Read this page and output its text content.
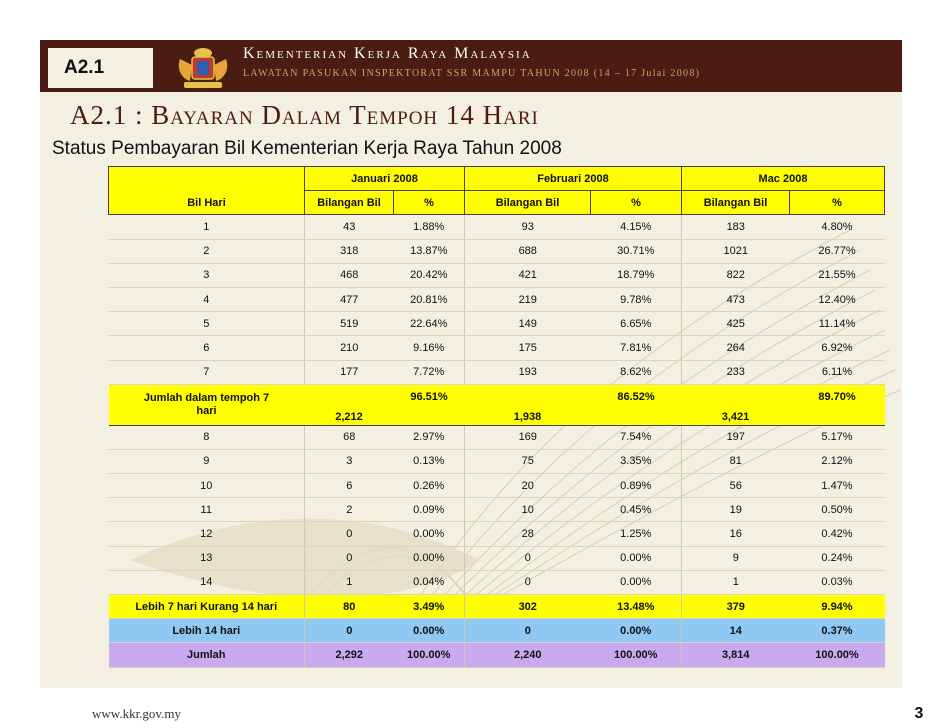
A2.1
Kementerian Kerja Raya Malaysia
LAWATAN PASUKAN INSPEKTORAT SSR MAMPU TAHUN 2008 (14 – 17 Julai 2008)
A2.1 : Bayaran Dalam Tempoh 14 Hari
Status Pembayaran Bil Kementerian Kerja Raya Tahun 2008
	Januari 2008		Februari 2008		Mac 2008	
Bil Hari	Bilangan Bil	%	Bilangan Bil	%	Bilangan Bil	%
1	43	1.88%	93	4.15%	183	4.80%
2	318	13.87%	688	30.71%	1021	26.77%
3	468	20.42%	421	18.79%	822	21.55%
4	477	20.81%	219	9.78%	473	12.40%
5	519	22.64%	149	6.65%	425	11.14%
6	210	9.16%	175	7.81%	264	6.92%
7	177	7.72%	193	8.62%	233	6.11%

Jumlah dalam tempoh 7
hari	2,212	96.51%	1,938	86.52%	3,421	89.70%
8	68	2.97%	169	7.54%	197	5.17%
9	3	0.13%	75	3.35%	81	2.12%
10	6	0.26%	20	0.89%	56	1.47%
11	2	0.09%	10	0.45%	19	0.50%
12	0	0.00%	28	1.25%	16	0.42%
13	0	0.00%	0	0.00%	9	0.24%
14	1	0.04%	0	0.00%	1	0.03%
Lebih 7 hari Kurang 14 hari	80	3.49%	302	13.48%	379	9.94%
Lebih 14 hari	0	0.00%	0	0.00%	14	0.37%
Jumlah	2,292	100.00%	2,240	100.00%	3,814	100.00%
www.kkr.gov.my	3
